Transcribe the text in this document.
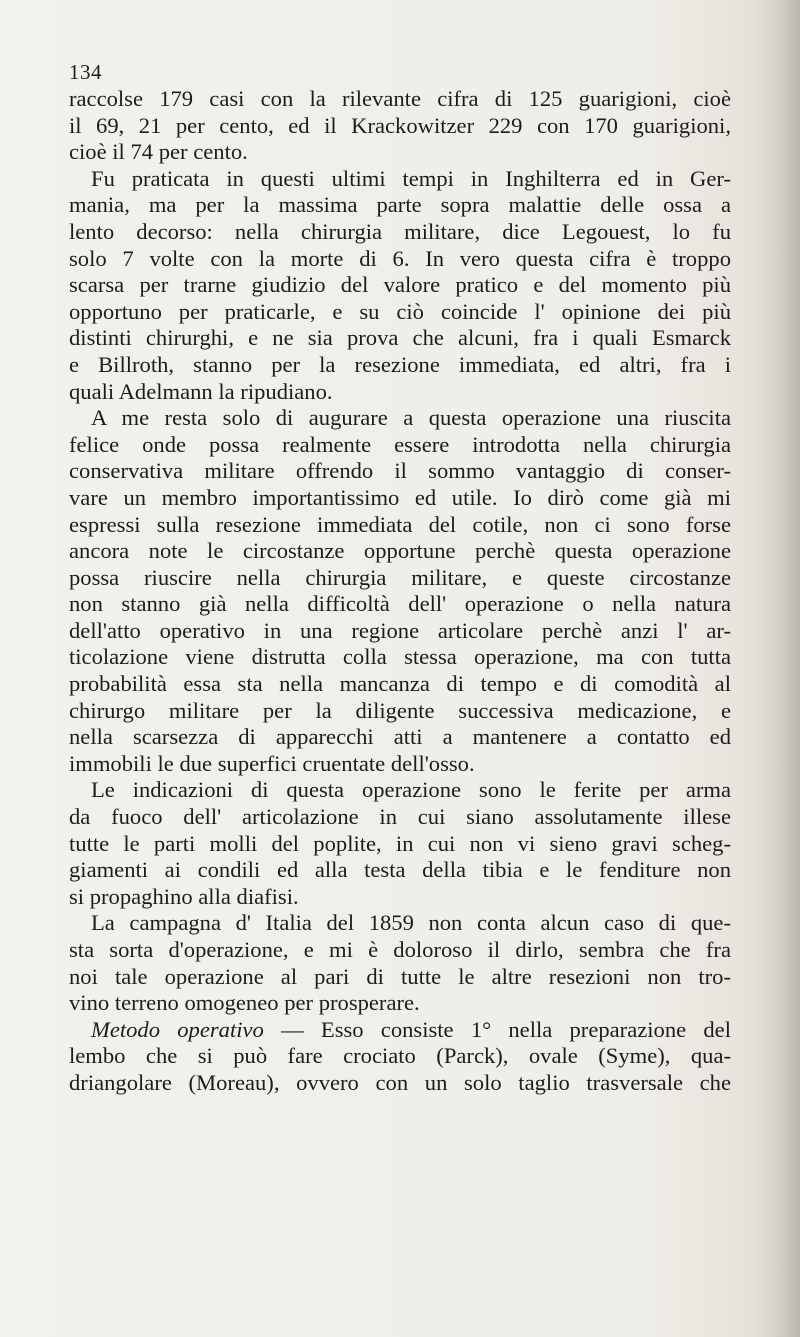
134
raccolse 179 casi con la rilevante cifra di 125 guarigioni, cioè
il 69, 21 per cento, ed il Krackowitzer 229 con 170 guarigioni,
cioè il 74 per cento.
Fu praticata in questi ultimi tempi in Inghilterra ed in Ger-
mania, ma per la massima parte sopra malattie delle ossa a
lento decorso: nella chirurgia militare, dice Legouest, lo fu
solo 7 volte con la morte di 6. In vero questa cifra è troppo
scarsa per trarne giudizio del valore pratico e del momento più
opportuno per praticarle, e su ciò coincide l' opinione dei più
distinti chirurghi, e ne sia prova che alcuni, fra i quali Esmarck
e Billroth, stanno per la resezione immediata, ed altri, fra i
quali Adelmann la ripudiano.
A me resta solo di augurare a questa operazione una riuscita
felice onde possa realmente essere introdotta nella chirurgia
conservativa militare offrendo il sommo vantaggio di conser-
vare un membro importantissimo ed utile. Io dirò come già mi
espressi sulla resezione immediata del cotile, non ci sono forse
ancora note le circostanze opportune perchè questa operazione
possa riuscire nella chirurgia militare, e queste circostanze
non stanno già nella difficoltà dell' operazione o nella natura
dell'atto operativo in una regione articolare perchè anzi l' ar-
ticolazione viene distrutta colla stessa operazione, ma con tutta
probabilità essa sta nella mancanza di tempo e di comodità al
chirurgo militare per la diligente successiva medicazione, e
nella scarsezza di apparecchi atti a mantenere a contatto ed
immobili le due superfici cruentate dell'osso.
Le indicazioni di questa operazione sono le ferite per arma
da fuoco dell' articolazione in cui siano assolutamente illese
tutte le parti molli del poplite, in cui non vi sieno gravi scheg-
giamenti ai condili ed alla testa della tibia e le fenditure non
si propaghino alla diafisi.
La campagna d' Italia del 1859 non conta alcun caso di que-
sta sorta d'operazione, e mi è doloroso il dirlo, sembra che fra
noi tale operazione al pari di tutte le altre resezioni non tro-
vino terreno omogeneo per prosperare.
Metodo operativo — Esso consiste 1° nella preparazione del
lembo che si può fare crociato (Parck), ovale (Syme), qua-
driangolare (Moreau), ovvero con un solo taglio trasversale che
